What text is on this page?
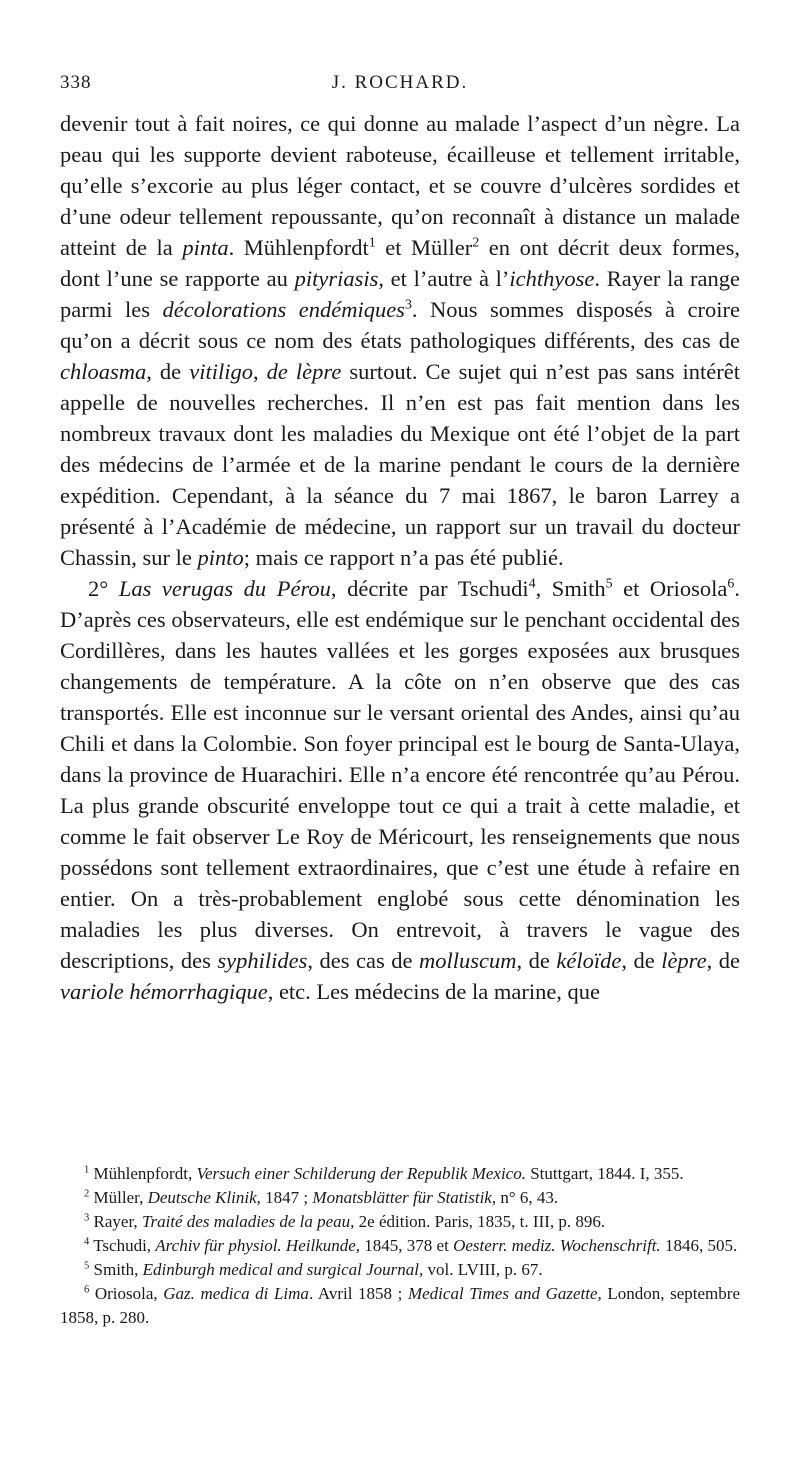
338	J. ROCHARD.

devenir tout à fait noires, ce qui donne au malade l’aspect d’un nègre. La peau qui les supporte devient raboteuse, écailleuse et tellement irritable, qu’elle s’excorie au plus léger contact, et se couvre d’ulcères sordides et d’une odeur tellement repoussante, qu’on reconnaît à distance un malade atteint de la pinta. Mühlenpfordt$^1$ et Müller$^2$ en ont décrit deux formes, dont l’une se rapporte au pityriasis, et l’autre à l’ichthyose. Rayer la range parmi les décolorations endémiques$^3$. Nous sommes disposés à croire qu’on a décrit sous ce nom des états pathologiques différents, des cas de chloasma, de vitiligo, de lèpre surtout. Ce sujet qui n’est pas sans intérêt appelle de nouvelles recherches. Il n’en est pas fait mention dans les nombreux travaux dont les maladies du Mexique ont été l’objet de la part des médecins de l’armée et de la marine pendant le cours de la dernière expédition. Cependant, à la séance du 7 mai 1867, le baron Larrey a présenté à l’Académie de médecine, un rapport sur un travail du docteur Chassin, sur le pinto; mais ce rapport n’a pas été publié.

2° Las verugas du Pérou, décrite par Tschudi$^4$, Smith$^5$ et Oriosola$^6$. D’après ces observateurs, elle est endémique sur le penchant occidental des Cordillères, dans les hautes vallées et les gorges exposées aux brusques changements de température. A la côte on n’en observe que des cas transportés. Elle est inconnue sur le versant oriental des Andes, ainsi qu’au Chili et dans la Colombie. Son foyer principal est le bourg de Santa-Ulaya, dans la province de Huarachiri. Elle n’a encore été rencontrée qu’au Pérou. La plus grande obscurité enveloppe tout ce qui a trait à cette maladie, et comme le fait observer Le Roy de Méricourt, les renseignements que nous possédons sont tellement extraordinaires, que c’est une étude à refaire en entier. On a très-probablement englobé sous cette dénomination les maladies les plus diverses. On entrevoit, à travers le vague des descriptions, des syphilides, des cas de molluscum, de kéloïde, de lèpre, de variole hémorrhagique, etc. Les médecins de la marine, que

$^1$ Mühlenpfordt, Versuch einer Schilderung der Republik Mexico. Stuttgart, 1844. I, 355.

$^2$ Müller, Deutsche Klinik, 1847 ; Monatsblätter für Statistik, n° 6, 43.

$^3$ Rayer, Traité des maladies de la peau, 2e édition. Paris, 1835, t. III, p. 896.

$^4$ Tschudi, Archiv für physiol. Heilkunde, 1845, 378 et Oesterr. mediz. Wochenschrift. 1846, 505.

$^5$ Smith, Edinburgh medical and surgical Journal, vol. LVIII, p. 67.

$^6$ Oriosola, Gaz. medica di Lima. Avril 1858 ; Medical Times and Gazette, London, septembre 1858, p. 280.
